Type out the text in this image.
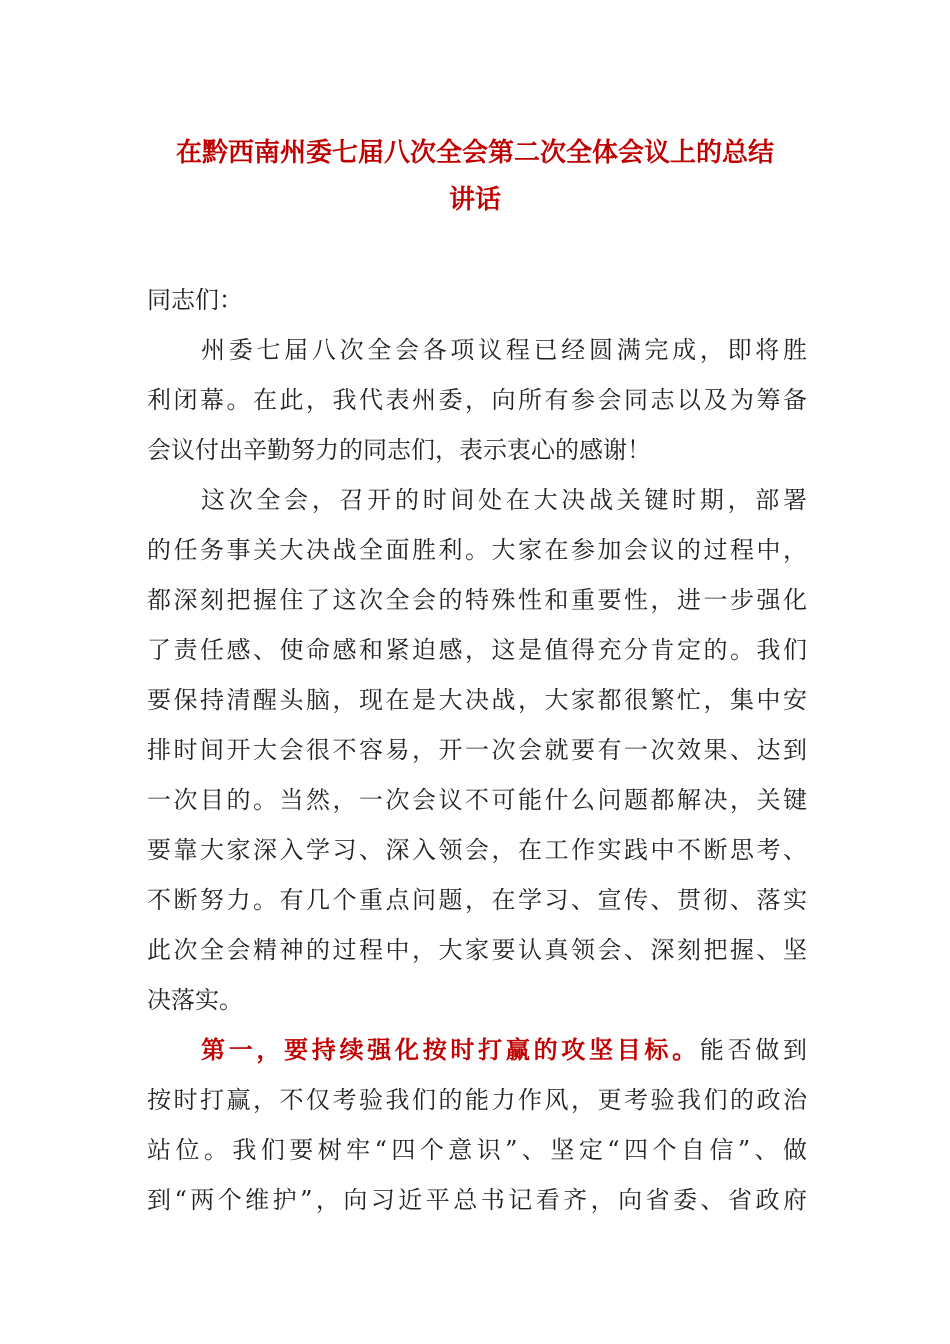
在黔西南州委七届八次全会第二次全体会议上的总结
讲话
同志们：
州委七届八次全会各项议程已经圆满完成，即将胜
利闭幕。在此，我代表州委，向所有参会同志以及为筹备
会议付出辛勤努力的同志们，表示衷心的感谢！
这次全会，召开的时间处在大决战关键时期，部署
的任务事关大决战全面胜利。大家在参加会议的过程中，
都深刻把握住了这次全会的特殊性和重要性，进一步强化
了责任感、使命感和紧迫感，这是值得充分肯定的。我们
要保持清醒头脑，现在是大决战，大家都很繁忙，集中安
排时间开大会很不容易，开一次会就要有一次效果、达到
一次目的。当然，一次会议不可能什么问题都解决，关键
要靠大家深入学习、深入领会，在工作实践中不断思考、
不断努力。有几个重点问题，在学习、宣传、贯彻、落实
此次全会精神的过程中，大家要认真领会、深刻把握、坚
决落实。
第一，要持续强化按时打赢的攻坚目标。能否做到
按时打赢，不仅考验我们的能力作风，更考验我们的政治
站位。我们要树牢“四个意识”、坚定“四个自信”、做
到“两个维护”，向习近平总书记看齐，向省委、省政府
